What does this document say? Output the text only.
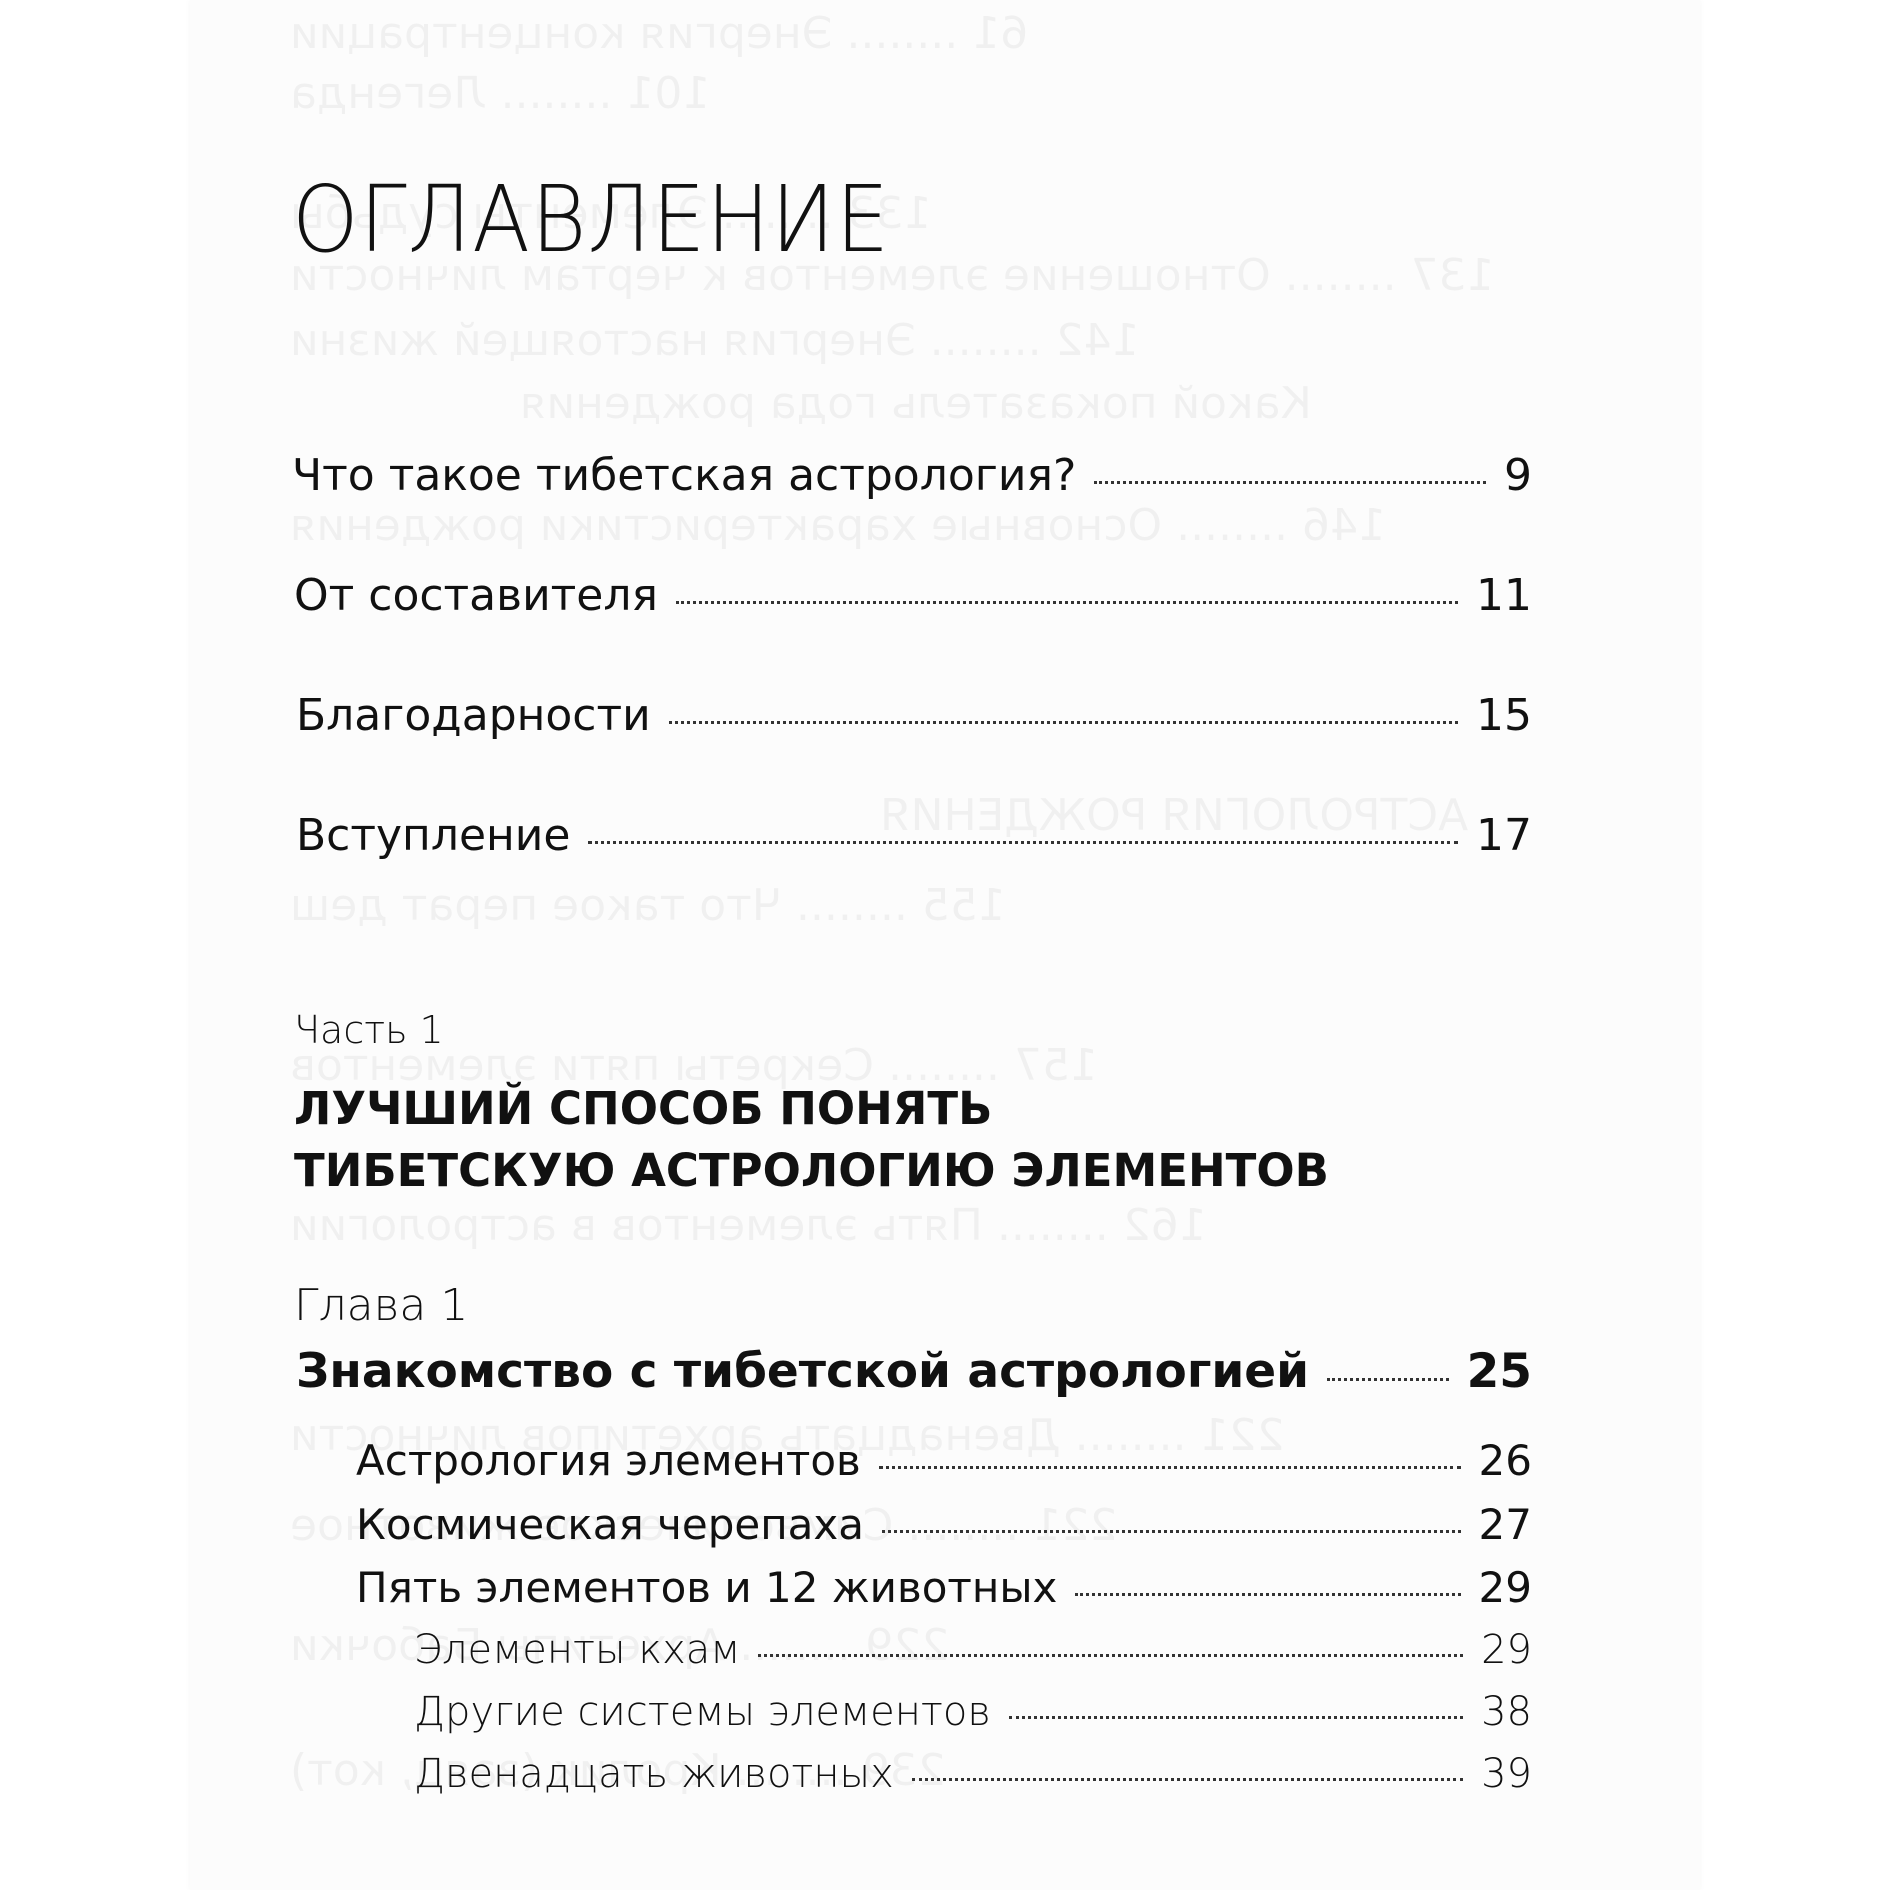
ОГЛАВЛЕНИЕ
Что такое тибетская астрология?	9
От составителя	11
Благодарности	15
Вступление	17
Часть 1
ЛУЧШИЙ СПОСОБ ПОНЯТЬ
ТИБЕТСКУЮ АСТРОЛОГИЮ ЭЛЕМЕНТОВ
Глава 1
Знакомство с тибетской астрологией	25
Астрология элементов	26
Космическая черепаха	27
Пять элементов и 12 животных	29
Элементы кхам	29
Другие системы элементов	38
Двенадцать животных	39
